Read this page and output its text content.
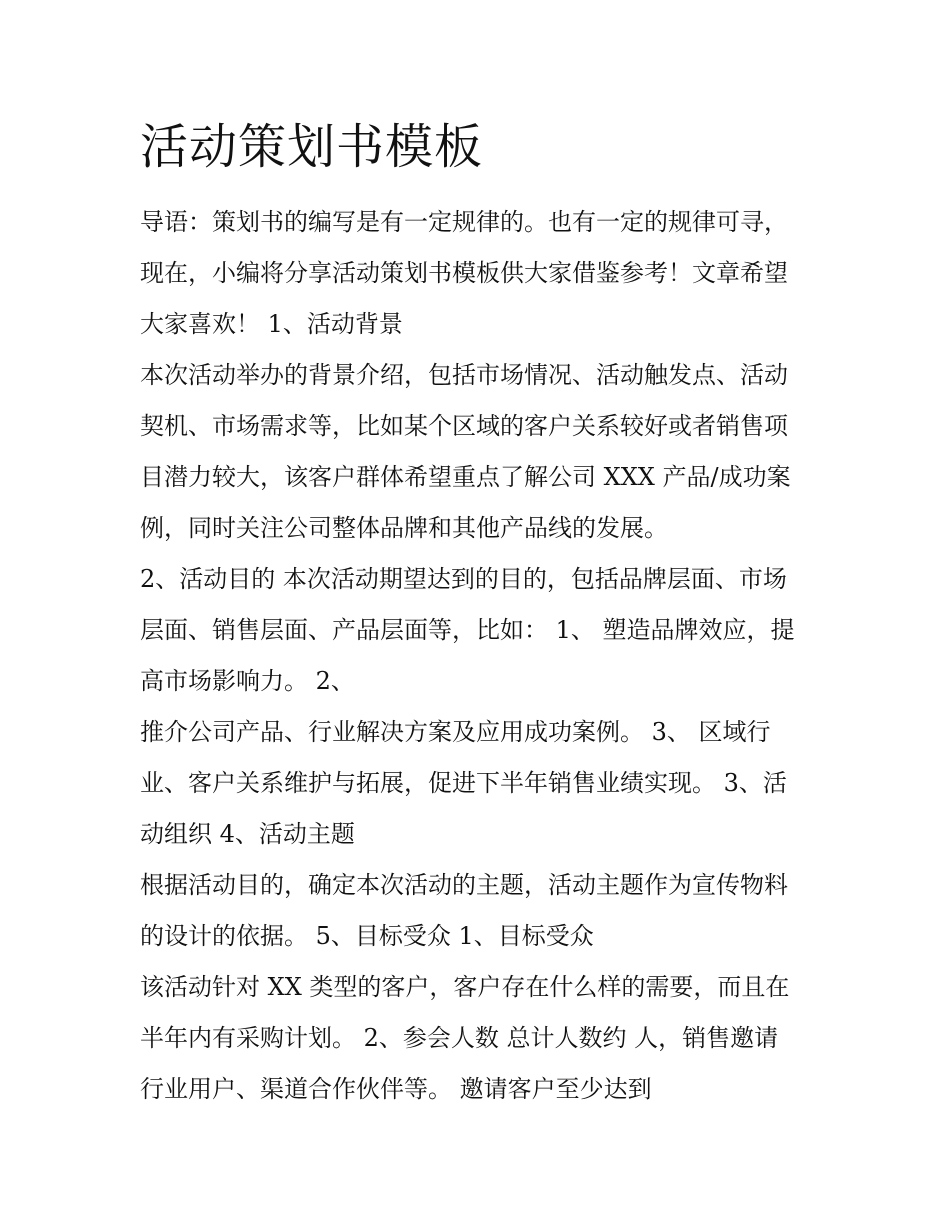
活动策划书模板

导语：策划书的编写是有一定规律的。也有一定的规律可寻，

现在，小编将分享活动策划书模板供大家借鉴参考！文章希望

大家喜欢！ 1、活动背景

本次活动举办的背景介绍，包括市场情况、活动触发点、活动

契机、市场需求等，比如某个区域的客户关系较好或者销售项

目潜力较大，该客户群体希望重点了解公司 XXX 产品/成功案

例，同时关注公司整体品牌和其他产品线的发展。

2、活动目的 本次活动期望达到的目的，包括品牌层面、市场

层面、销售层面、产品层面等，比如： 1、 塑造品牌效应，提

高市场影响力。 2、

推介公司产品、行业解决方案及应用成功案例。 3、 区域行

业、客户关系维护与拓展，促进下半年销售业绩实现。 3、活

动组织 4、活动主题

根据活动目的，确定本次活动的主题，活动主题作为宣传物料

的设计的依据。 5、目标受众 1、目标受众

该活动针对 XX 类型的客户，客户存在什么样的需要，而且在

半年内有采购计划。 2、参会人数 总计人数约 人，销售邀请

行业用户、渠道合作伙伴等。 邀请客户至少达到
